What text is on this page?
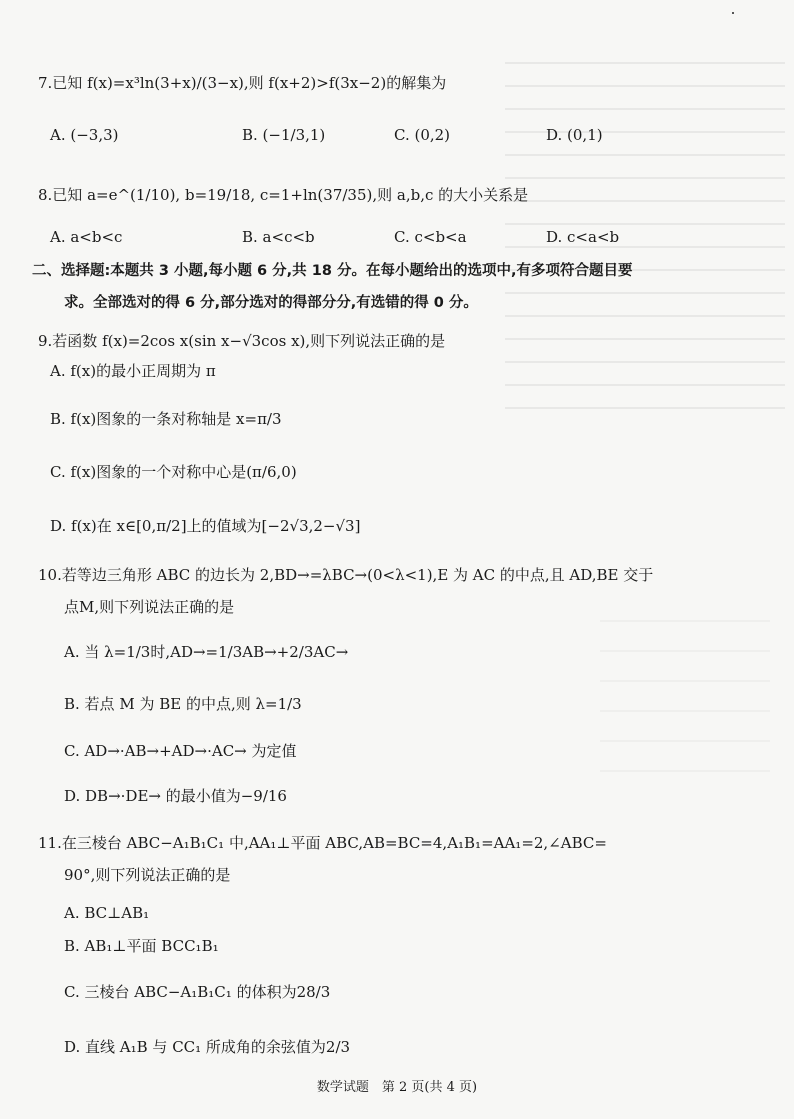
7.已知 f(x)=x³ln(3+x)/(3−x),则 f(x+2)>f(3x−2)的解集为
A. (−3,3)	B. (−1/3,1)	C. (0,2)	D. (0,1)
8.已知 a=e^(1/10), b=19/18, c=1+ln(37/35),则 a,b,c 的大小关系是
A. a<b<c	B. a<c<b	C. c<b<a	D. c<a<b
二、选择题:本题共 3 小题,每小题 6 分,共 18 分。在每小题给出的选项中,有多项符合题目要
求。全部选对的得 6 分,部分选对的得部分分,有选错的得 0 分。
9.若函数 f(x)=2cos x(sin x−√3cos x),则下列说法正确的是
A. f(x)的最小正周期为 π
B. f(x)图象的一条对称轴是 x=π/3
C. f(x)图象的一个对称中心是(π/6,0)
D. f(x)在 x∈[0,π/2]上的值域为[−2√3,2−√3]
10.若等边三角形 ABC 的边长为 2,BD→=λBC→(0<λ<1),E 为 AC 的中点,且 AD,BE 交于
点M,则下列说法正确的是
A. 当 λ=1/3时,AD→=1/3AB→+2/3AC→
B. 若点 M 为 BE 的中点,则 λ=1/3
C. AD→·AB→+AD→·AC→ 为定值
D. DB→·DE→ 的最小值为−9/16
11.在三棱台 ABC−A₁B₁C₁ 中,AA₁⊥平面 ABC,AB=BC=4,A₁B₁=AA₁=2,∠ABC=
90°,则下列说法正确的是
A. BC⊥AB₁
B. AB₁⊥平面 BCC₁B₁
C. 三棱台 ABC−A₁B₁C₁ 的体积为28/3
D. 直线 A₁B 与 CC₁ 所成角的余弦值为2/3
数学试题　第 2 页(共 4 页)
